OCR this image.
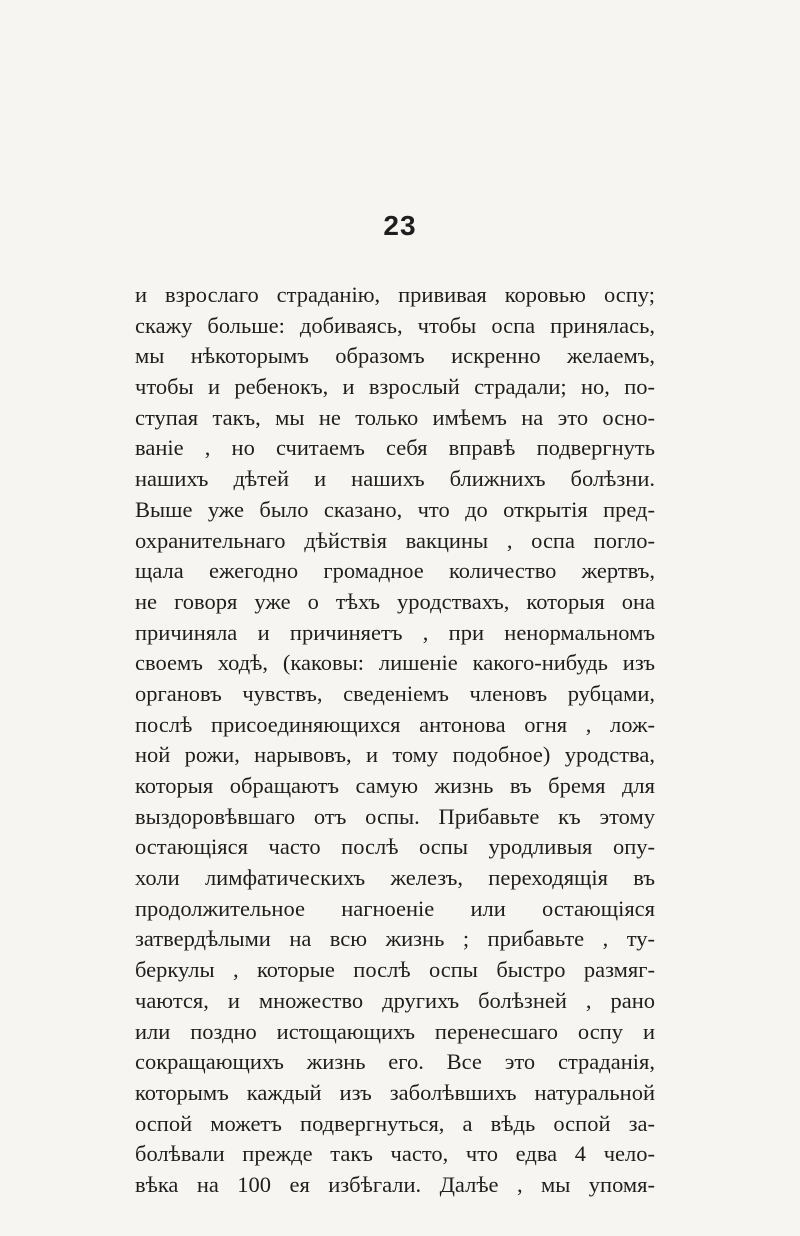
23
и взрослаго страданію, прививая коровью оспу;
скажу больше: добиваясь, чтобы оспа принялась,
мы нѣкоторымъ образомъ искренно желаемъ,
чтобы и ребенокъ, и взрослый страдали; но, по-
ступая такъ, мы не только имѣемъ на это осно-
ваніе , но считаемъ себя вправѣ подвергнуть
нашихъ дѣтей и нашихъ ближнихъ болѣзни.
Выше уже было сказано, что до открытія пред-
охранительнаго дѣйствія вакцины , оспа погло-
щала ежегодно громадное количество жертвъ,
не говоря уже о тѣхъ уродствахъ, которыя она
причиняла и причиняетъ , при ненормальномъ
своемъ ходѣ, (каковы: лишеніе какого-нибудь изъ
органовъ чувствъ, сведеніемъ членовъ рубцами,
послѣ присоединяющихся антонова огня , лож-
ной рожи, нарывовъ, и тому подобное) уродства,
которыя обращаютъ самую жизнь въ бремя для
выздоровѣвшаго отъ оспы. Прибавьте къ этому
остающіяся часто послѣ оспы уродливыя опу-
холи лимфатическихъ железъ, переходящія въ
продолжительное нагноеніе или остающіяся
затвердѣлыми на всю жизнь ; прибавьте , ту-
беркулы , которые послѣ оспы быстро размяг-
чаются, и множество другихъ болѣзней , рано
или поздно истощающихъ перенесшаго оспу и
сокращающихъ жизнь его. Все это страданія,
которымъ каждый изъ заболѣвшихъ натуральной
оспой можетъ подвергнуться, а вѣдь оспой за-
болѣвали прежде такъ часто, что едва 4 чело-
вѣка на 100 ея избѣгали. Далѣе , мы упомя-
